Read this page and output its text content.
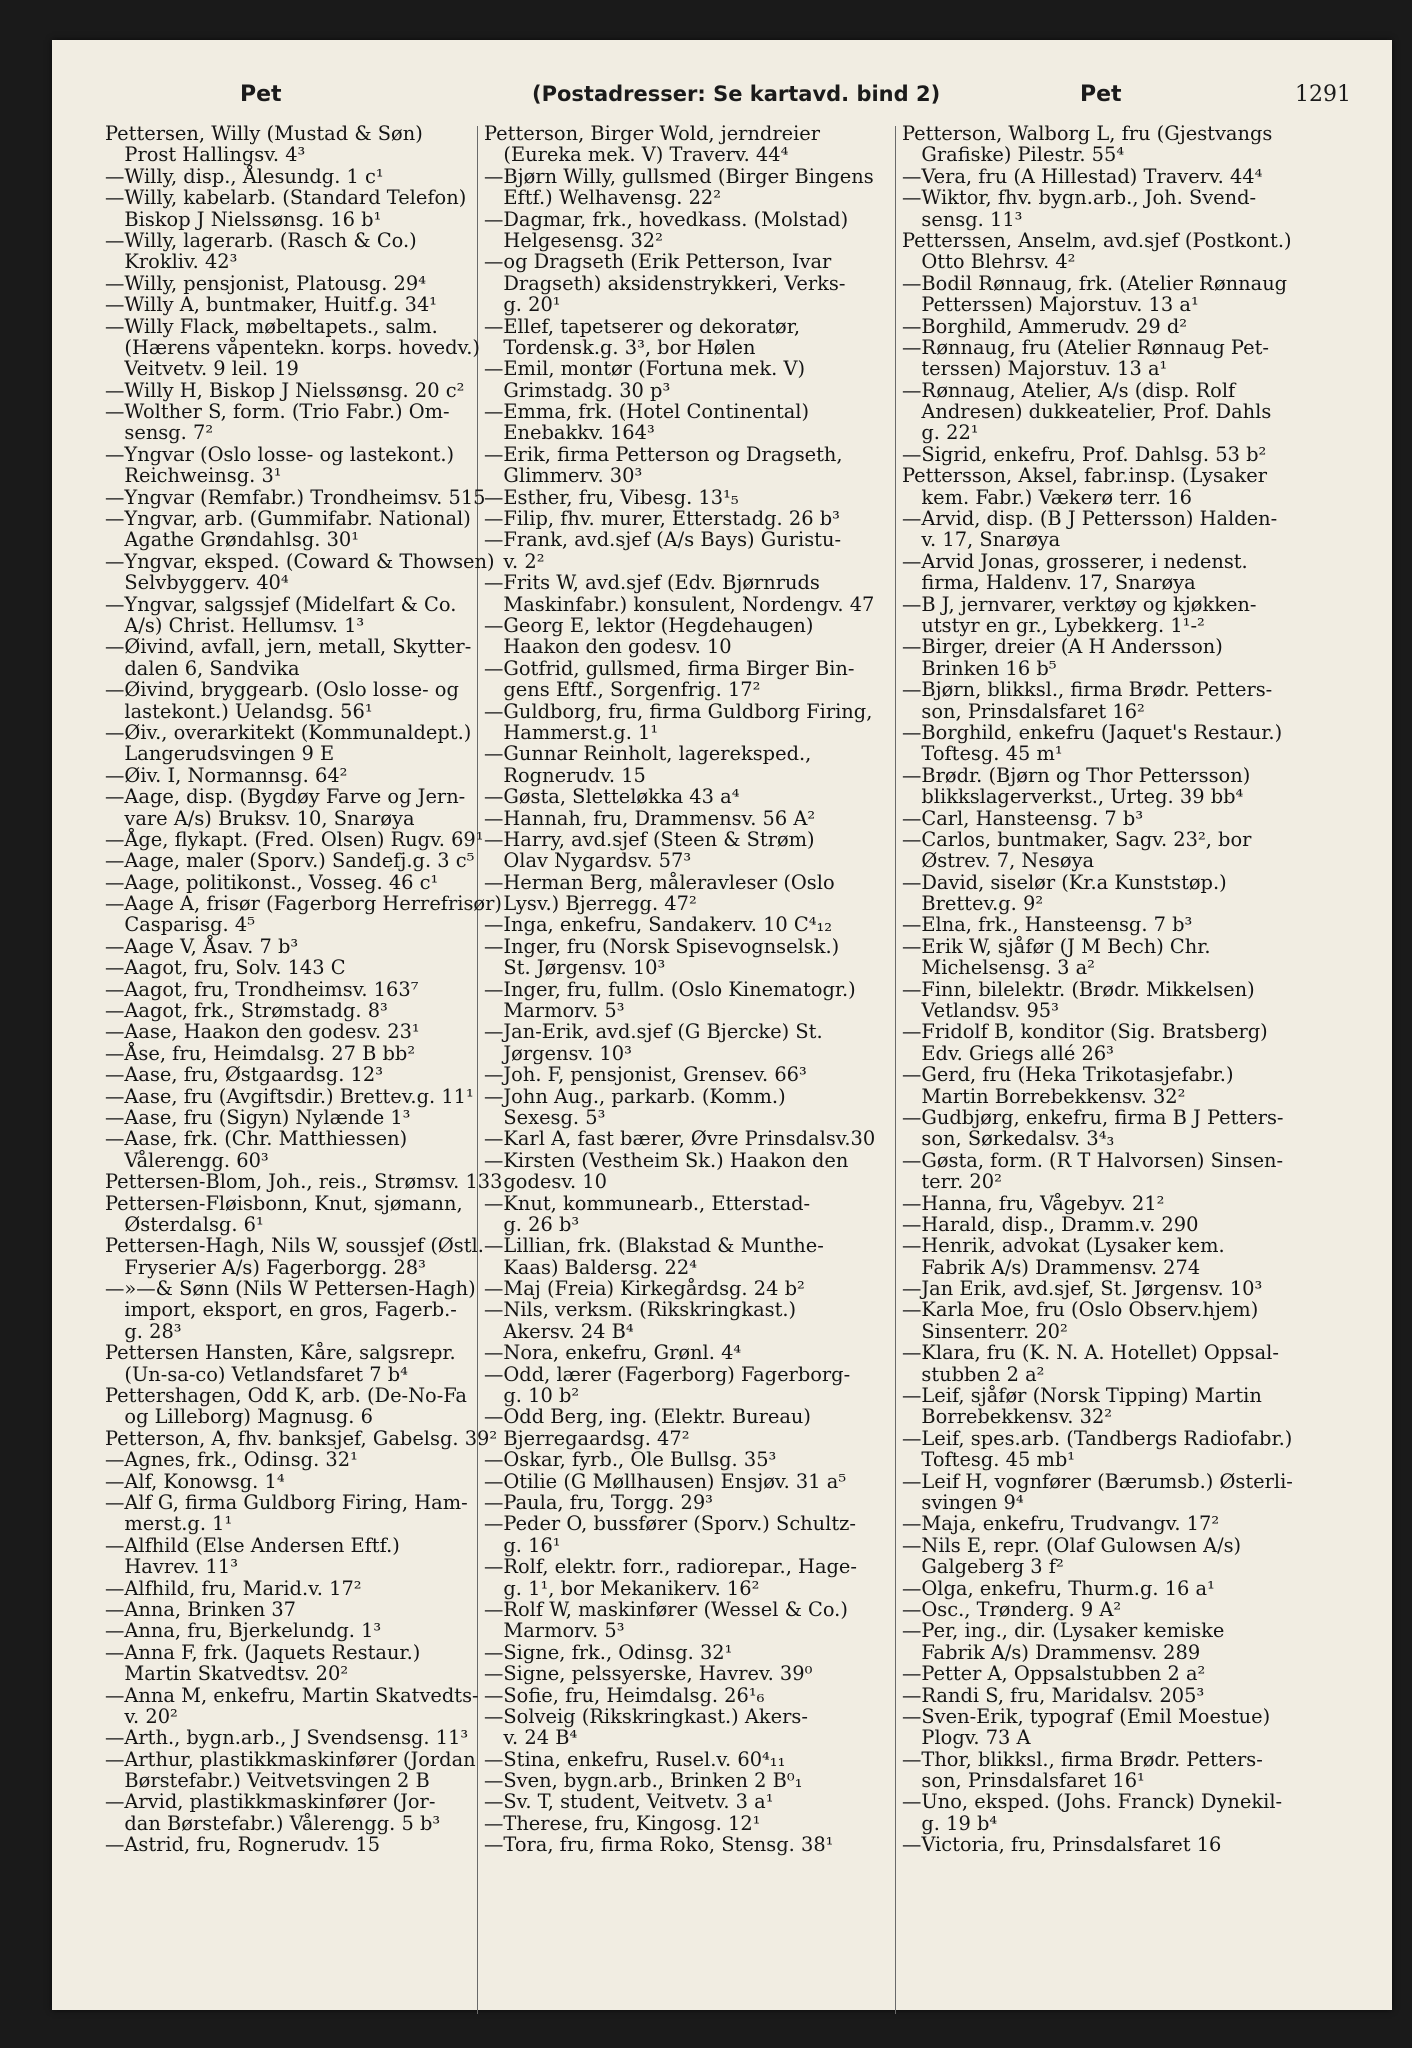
Pet	(Postadresser: Se kartavd. bind 2)	Pet	1291
Pettersen, Willy (Mustad & Søn)
 Prost Hallingsv. 4³
—Willy, disp., Ålesundg. 1 c¹
—Willy, kabelarb. (Standard Telefon)
 Biskop J Nielssønsg. 16 b¹
—Willy, lagerarb. (Rasch & Co.)
 Krokliv. 42³
—Willy, pensjonist, Platousg. 29⁴
—Willy A, buntmaker, Huitf.g. 34¹
—Willy Flack, møbeltapets., salm.
 (Hærens våpentekn. korps. hovedv.)
 Veitvetv. 9 leil. 19
—Willy H, Biskop J Nielssønsg. 20 c²
—Wolther S, form. (Trio Fabr.) Om-
 sensg. 7²
—Yngvar (Oslo losse- og lastekont.)
 Reichweinsg. 3¹
—Yngvar (Remfabr.) Trondheimsv. 515
—Yngvar, arb. (Gummifabr. National)
 Agathe Grøndahlsg. 30¹
—Yngvar, eksped. (Coward & Thowsen)
 Selvbyggerv. 40⁴
—Yngvar, salgssjef (Midelfart & Co.
 A/s) Christ. Hellumsv. 1³
—Øivind, avfall, jern, metall, Skytter-
 dalen 6, Sandvika
—Øivind, bryggearb. (Oslo losse- og
 lastekont.) Uelandsg. 56¹
—Øiv., overarkitekt (Kommunaldept.)
 Langerudsvingen 9 E
—Øiv. I, Normannsg. 64²
—Aage, disp. (Bygdøy Farve og Jern-
 vare A/s) Bruksv. 10, Snarøya
—Åge, flykapt. (Fred. Olsen) Rugv. 69¹
—Aage, maler (Sporv.) Sandefj.g. 3 c⁵
—Aage, politikonst., Vosseg. 46 c¹
—Aage A, frisør (Fagerborg Herrefrisør)
 Casparisg. 4⁵
—Aage V, Åsav. 7 b³
—Aagot, fru, Solv. 143 C
—Aagot, fru, Trondheimsv. 163⁷
—Aagot, frk., Strømstadg. 8³
—Aase, Haakon den godesv. 23¹
—Åse, fru, Heimdalsg. 27 B bb²
—Aase, fru, Østgaardsg. 12³
—Aase, fru (Avgiftsdir.) Brettev.g. 11¹
—Aase, fru (Sigyn) Nylænde 1³
—Aase, frk. (Chr. Matthiessen)
 Vålerengg. 60³
Pettersen-Blom, Joh., reis., Strømsv. 133
Pettersen-Fløisbonn, Knut, sjømann,
 Østerdalsg. 6¹
Pettersen-Hagh, Nils W, soussjef (Østl.
 Fryserier A/s) Fagerborgg. 28³
—»—& Sønn (Nils W Pettersen-Hagh)
 import, eksport, en gros, Fagerb.-
 g. 28³
Pettersen Hansten, Kåre, salgsrepr.
 (Un-sa-co) Vetlandsfaret 7 b⁴
Pettershagen, Odd K, arb. (De-No-Fa
 og Lilleborg) Magnusg. 6
Petterson, A, fhv. banksjef, Gabelsg. 39²
—Agnes, frk., Odinsg. 32¹
—Alf, Konowsg. 1⁴
—Alf G, firma Guldborg Firing, Ham-
 merst.g. 1¹
—Alfhild (Else Andersen Eftf.)
 Havrev. 11³
—Alfhild, fru, Marid.v. 17²
—Anna, Brinken 37
—Anna, fru, Bjerkelundg. 1³
—Anna F, frk. (Jaquets Restaur.)
 Martin Skatvedtsv. 20²
—Anna M, enkefru, Martin Skatvedts-
 v. 20²
—Arth., bygn.arb., J Svendsensg. 11³
—Arthur, plastikkmaskinfører (Jordan
 Børstefabr.) Veitvetsvingen 2 B
—Arvid, plastikkmaskinfører (Jor-
 dan Børstefabr.) Vålerengg. 5 b³
—Astrid, fru, Rognerudv. 15
Petterson, Birger Wold, jerndreier
 (Eureka mek. V) Traverv. 44⁴
—Bjørn Willy, gullsmed (Birger Bingens
 Eftf.) Welhavensg. 22²
—Dagmar, frk., hovedkass. (Molstad)
 Helgesensg. 32²
—og Dragseth (Erik Petterson, Ivar
 Dragseth) aksidenstrykkeri, Verks-
 g. 20¹
—Ellef, tapetserer og dekoratør,
 Tordensk.g. 3³, bor Hølen
—Emil, montør (Fortuna mek. V)
 Grimstadg. 30 p³
—Emma, frk. (Hotel Continental)
 Enebakkv. 164³
—Erik, firma Petterson og Dragseth,
 Glimmerv. 30³
—Esther, fru, Vibesg. 13¹₅
—Filip, fhv. murer, Etterstadg. 26 b³
—Frank, avd.sjef (A/s Bays) Guristu-
 v. 2²
—Frits W, avd.sjef (Edv. Bjørnruds
 Maskinfabr.) konsulent, Nordengv. 47
—Georg E, lektor (Hegdehaugen)
 Haakon den godesv. 10
—Gotfrid, gullsmed, firma Birger Bin-
 gens Eftf., Sorgenfrig. 17²
—Guldborg, fru, firma Guldborg Firing,
 Hammerst.g. 1¹
—Gunnar Reinholt, lagereksped.,
 Rognerudv. 15
—Gøsta, Sletteløkka 43 a⁴
—Hannah, fru, Drammensv. 56 A²
—Harry, avd.sjef (Steen & Strøm)
 Olav Nygardsv. 57³
—Herman Berg, måleravleser (Oslo
 Lysv.) Bjerregg. 47²
—Inga, enkefru, Sandakerv. 10 C⁴₁₂
—Inger, fru (Norsk Spisevognselsk.)
 St. Jørgensv. 10³
—Inger, fru, fullm. (Oslo Kinematogr.)
 Marmorv. 5³
—Jan-Erik, avd.sjef (G Bjercke) St.
 Jørgensv. 10³
—Joh. F, pensjonist, Grensev. 66³
—John Aug., parkarb. (Komm.)
 Sexesg. 5³
—Karl A, fast bærer, Øvre Prinsdalsv.30
—Kirsten (Vestheim Sk.) Haakon den
 godesv. 10
—Knut, kommunearb., Etterstad-
 g. 26 b³
—Lillian, frk. (Blakstad & Munthe-
 Kaas) Baldersg. 22⁴
—Maj (Freia) Kirkegårdsg. 24 b²
—Nils, verksm. (Rikskringkast.)
 Akersv. 24 B⁴
—Nora, enkefru, Grønl. 4⁴
—Odd, lærer (Fagerborg) Fagerborg-
 g. 10 b²
—Odd Berg, ing. (Elektr. Bureau)
 Bjerregaardsg. 47²
—Oskar, fyrb., Ole Bullsg. 35³
—Otilie (G Møllhausen) Ensjøv. 31 a⁵
—Paula, fru, Torgg. 29³
—Peder O, bussfører (Sporv.) Schultz-
 g. 16¹
—Rolf, elektr. forr., radiorepar., Hage-
 g. 1¹, bor Mekanikerv. 16²
—Rolf W, maskinfører (Wessel & Co.)
 Marmorv. 5³
—Signe, frk., Odinsg. 32¹
—Signe, pelssyerske, Havrev. 39⁰
—Sofie, fru, Heimdalsg. 26¹₆
—Solveig (Rikskringkast.) Akers-
 v. 24 B⁴
—Stina, enkefru, Rusel.v. 60⁴₁₁
—Sven, bygn.arb., Brinken 2 B⁰₁
—Sv. T, student, Veitvetv. 3 a¹
—Therese, fru, Kingosg. 12¹
—Tora, fru, firma Roko, Stensg. 38¹
Petterson, Walborg L, fru (Gjestvangs
 Grafiske) Pilestr. 55⁴
—Vera, fru (A Hillestad) Traverv. 44⁴
—Wiktor, fhv. bygn.arb., Joh. Svend-
 sensg. 11³
Petterssen, Anselm, avd.sjef (Postkont.)
 Otto Blehrsv. 4²
—Bodil Rønnaug, frk. (Atelier Rønnaug
 Petterssen) Majorstuv. 13 a¹
—Borghild, Ammerudv. 29 d²
—Rønnaug, fru (Atelier Rønnaug Pet-
 terssen) Majorstuv. 13 a¹
—Rønnaug, Atelier, A/s (disp. Rolf
 Andresen) dukkeatelier, Prof. Dahls
 g. 22¹
—Sigrid, enkefru, Prof. Dahlsg. 53 b²
Pettersson, Aksel, fabr.insp. (Lysaker
 kem. Fabr.) Vækerø terr. 16
—Arvid, disp. (B J Pettersson) Halden-
 v. 17, Snarøya
—Arvid Jonas, grosserer, i nedenst.
 firma, Haldenv. 17, Snarøya
—B J, jernvarer, verktøy og kjøkken-
 utstyr en gr., Lybekkerg. 1¹-²
—Birger, dreier (A H Andersson)
 Brinken 16 b⁵
—Bjørn, blikksl., firma Brødr. Petters-
 son, Prinsdalsfaret 16²
—Borghild, enkefru (Jaquet's Restaur.)
 Toftesg. 45 m¹
—Brødr. (Bjørn og Thor Pettersson)
 blikkslagerverkst., Urteg. 39 bb⁴
—Carl, Hansteensg. 7 b³
—Carlos, buntmaker, Sagv. 23², bor
 Østrev. 7, Nesøya
—David, siselør (Kr.a Kunststøp.)
 Brettev.g. 9²
—Elna, frk., Hansteensg. 7 b³
—Erik W, sjåfør (J M Bech) Chr.
 Michelsensg. 3 a²
—Finn, bilelektr. (Brødr. Mikkelsen)
 Vetlandsv. 95³
—Fridolf B, konditor (Sig. Bratsberg)
 Edv. Griegs allé 26³
—Gerd, fru (Heka Trikotasjefabr.)
 Martin Borrebekkensv. 32²
—Gudbjørg, enkefru, firma B J Petters-
 son, Sørkedalsv. 3⁴₃
—Gøsta, form. (R T Halvorsen) Sinsen-
 terr. 20²
—Hanna, fru, Vågebyv. 21²
—Harald, disp., Dramm.v. 290
—Henrik, advokat (Lysaker kem.
 Fabrik A/s) Drammensv. 274
—Jan Erik, avd.sjef, St. Jørgensv. 10³
—Karla Moe, fru (Oslo Observ.hjem)
 Sinsenterr. 20²
—Klara, fru (K. N. A. Hotellet) Oppsal-
 stubben 2 a²
—Leif, sjåfør (Norsk Tipping) Martin
 Borrebekkensv. 32²
—Leif, spes.arb. (Tandbergs Radiofabr.)
 Toftesg. 45 mb¹
—Leif H, vognfører (Bærumsb.) Østerli-
 svingen 9⁴
—Maja, enkefru, Trudvangv. 17²
—Nils E, repr. (Olaf Gulowsen A/s)
 Galgeberg 3 f²
—Olga, enkefru, Thurm.g. 16 a¹
—Osc., Trønderg. 9 A²
—Per, ing., dir. (Lysaker kemiske
 Fabrik A/s) Drammensv. 289
—Petter A, Oppsalstubben 2 a²
—Randi S, fru, Maridalsv. 205³
—Sven-Erik, typograf (Emil Moestue)
 Plogv. 73 A
—Thor, blikksl., firma Brødr. Petters-
 son, Prinsdalsfaret 16¹
—Uno, eksped. (Johs. Franck) Dynekil-
 g. 19 b⁴
—Victoria, fru, Prinsdalsfaret 16
